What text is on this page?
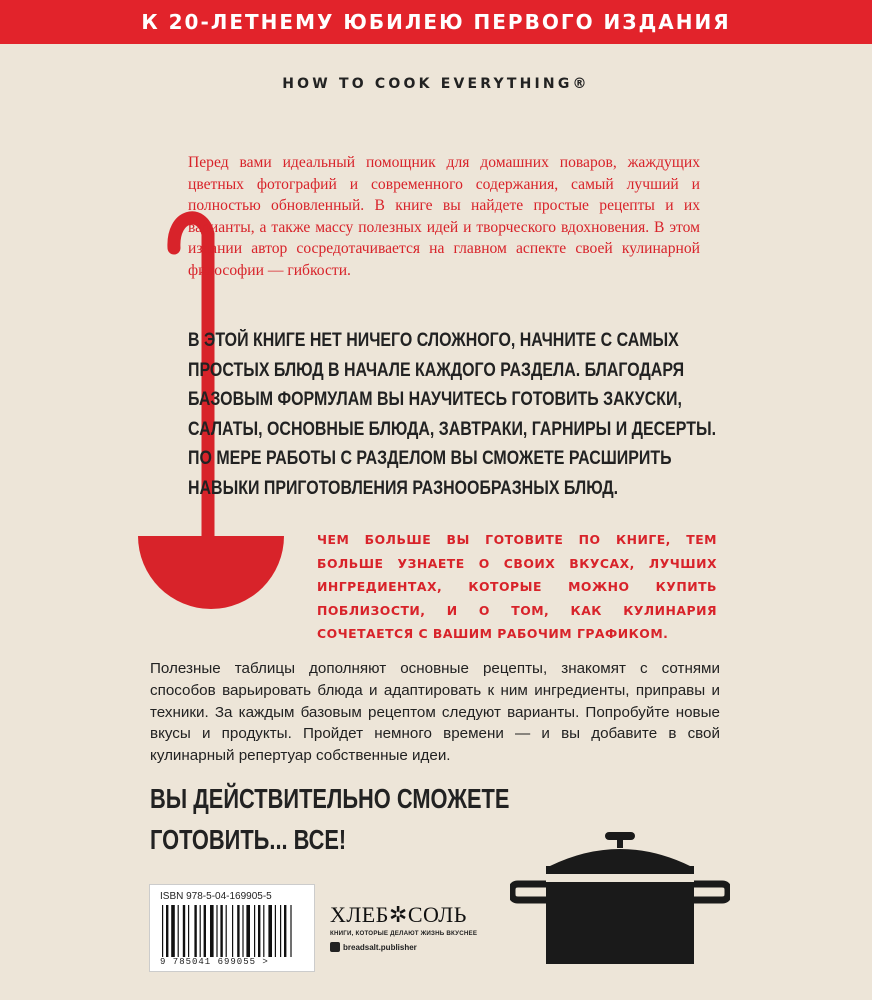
К 20-ЛЕТНЕМУ ЮБИЛЕЮ ПЕРВОГО ИЗДАНИЯ
HOW TO COOK EVERYTHING®
Перед вами идеальный помощник для домашних поваров, жаждущих цветных фотографий и современного содержания, самый лучший и полностью обновленный. В книге вы найдете простые рецепты и их варианты, а также массу полезных идей и творческого вдохновения. В этом издании автор сосредотачивается на главном аспекте своей кулинарной философии — гибкости.
В ЭТОЙ КНИГЕ НЕТ НИЧЕГО СЛОЖНОГО, НАЧНИТЕ С САМЫХ
ПРОСТЫХ БЛЮД В НАЧАЛЕ КАЖДОГО РАЗДЕЛА. БЛАГОДАРЯ
БАЗОВЫМ ФОРМУЛАМ ВЫ НАУЧИТЕСЬ ГОТОВИТЬ ЗАКУСКИ,
САЛАТЫ, ОСНОВНЫЕ БЛЮДА, ЗАВТРАКИ, ГАРНИРЫ И ДЕСЕРТЫ.
ПО МЕРЕ РАБОТЫ С РАЗДЕЛОМ ВЫ СМОЖЕТЕ РАСШИРИТЬ
НАВЫКИ ПРИГОТОВЛЕНИЯ РАЗНООБРАЗНЫХ БЛЮД.
ЧЕМ БОЛЬШЕ ВЫ ГОТОВИТЕ ПО КНИГЕ, ТЕМ БОЛЬШЕ УЗНАЕТЕ О СВОИХ ВКУСАХ, ЛУЧШИХ ИНГРЕДИЕНТАХ, КОТОРЫЕ МОЖНО КУПИТЬ ПОБЛИЗОСТИ, И О ТОМ, КАК КУЛИНАРИЯ СОЧЕТАЕТСЯ С ВАШИМ РАБОЧИМ ГРАФИКОМ.
Полезные таблицы дополняют основные рецепты, знакомят с сотнями способов варьировать блюда и адаптировать к ним ингредиенты, приправы и техники. За каждым базовым рецептом следуют варианты. Попробуйте новые вкусы и продукты. Пройдет немного времени — и вы добавите в свой кулинарный репертуар собственные идеи.
ВЫ ДЕЙСТВИТЕЛЬНО СМОЖЕТЕ
ГОТОВИТЬ... ВСЕ!
ISBN 978-5-04-169905-5
9 785041 699055 >
ХЛЕБ✲СОЛЬ
КНИГИ, КОТОРЫЕ ДЕЛАЮТ ЖИЗНЬ ВКУСНЕЕ
breadsalt.publisher
